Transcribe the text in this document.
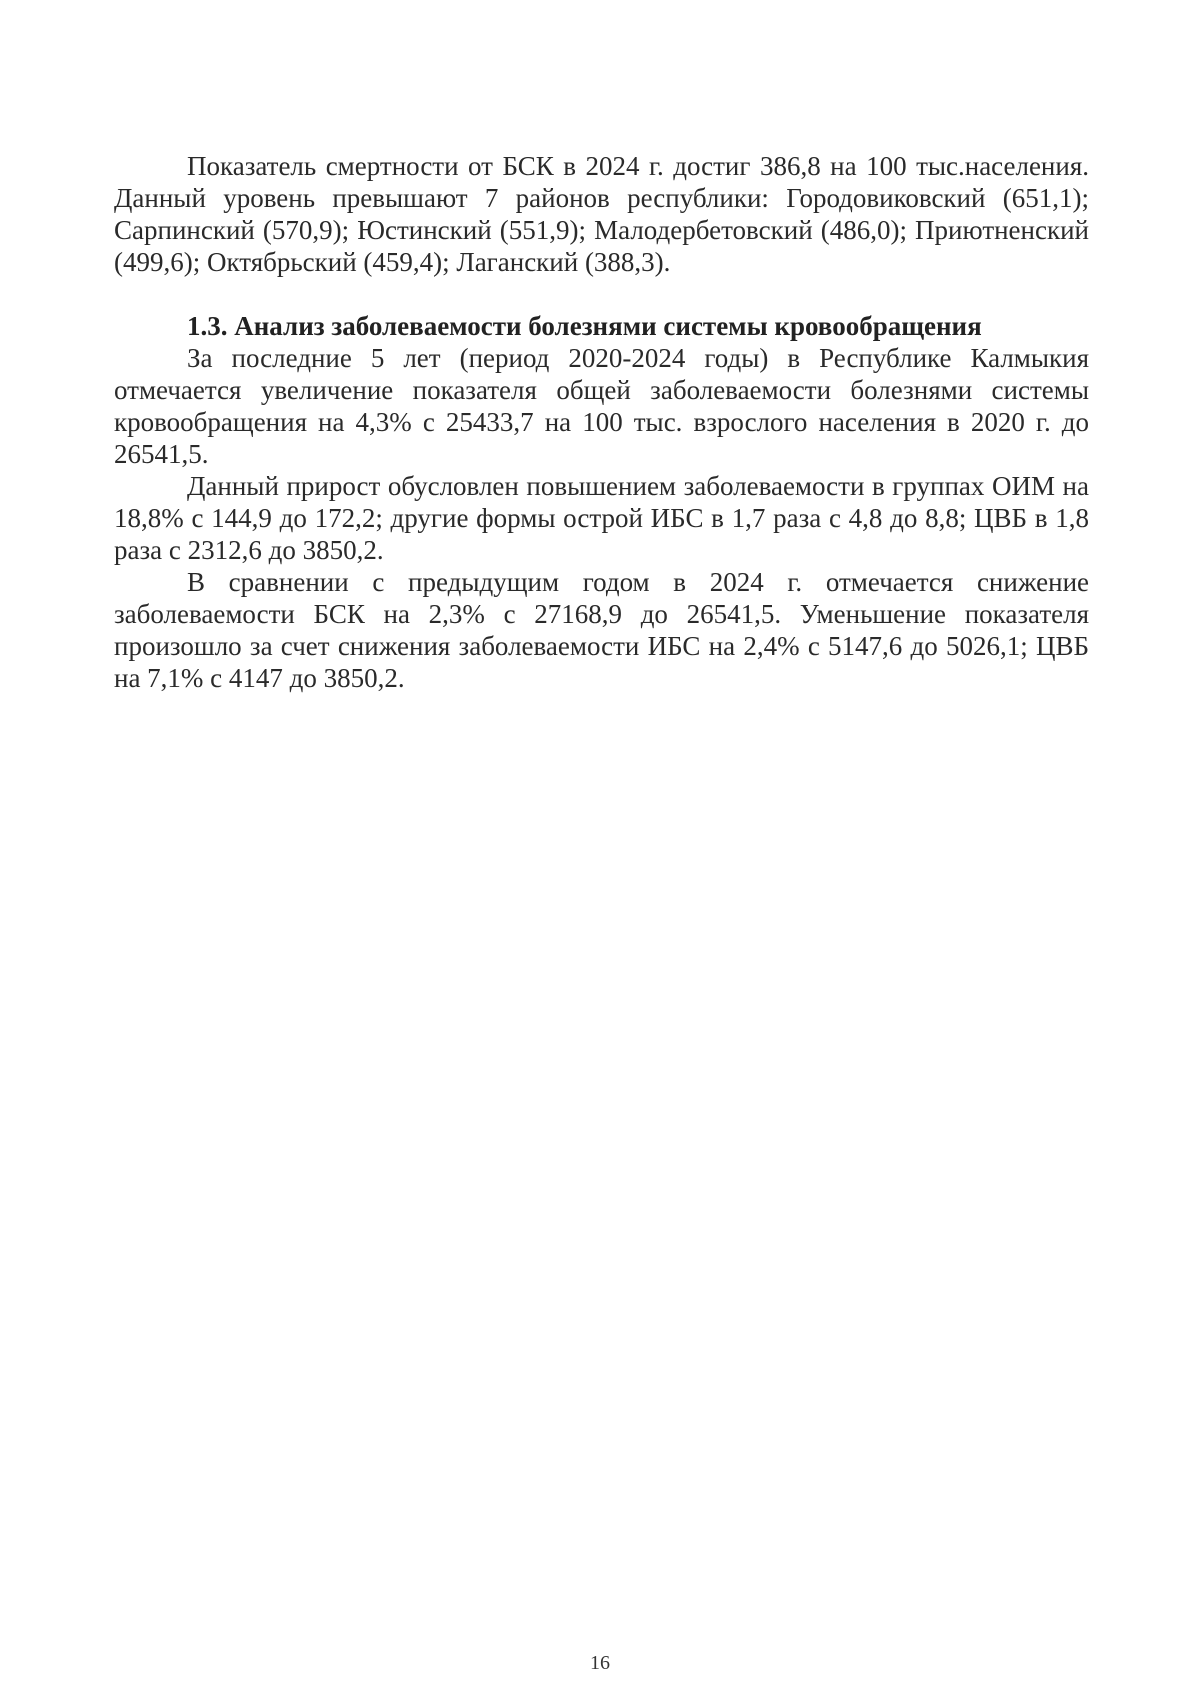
Показатель смертности от БСК в 2024 г. достиг 386,8 на 100 тыс.населения. Данный уровень превышают 7 районов республики: Городовиковский (651,1); Сарпинский (570,9); Юстинский (551,9); Малодербетовский (486,0); Приютненский (499,6); Октябрьский (459,4); Лаганский (388,3).

1.3. Анализ заболеваемости болезнями системы кровообращения

За последние 5 лет (период 2020-2024 годы) в Республике Калмыкия отмечается увеличение показателя общей заболеваемости болезнями системы кровообращения на 4,3% с 25433,7 на 100 тыс. взрослого населения в 2020 г. до 26541,5.

Данный прирост обусловлен повышением заболеваемости в группах ОИМ на 18,8% с 144,9 до 172,2; другие формы острой ИБС в 1,7 раза с 4,8 до 8,8; ЦВБ в 1,8 раза с 2312,6 до 3850,2.

В сравнении с предыдущим годом в 2024 г. отмечается снижение заболеваемости БСК на 2,3% с 27168,9 до 26541,5. Уменьшение показателя произошло за счет снижения заболеваемости ИБС на 2,4% с 5147,6 до 5026,1; ЦВБ на 7,1% с 4147 до 3850,2.

16
